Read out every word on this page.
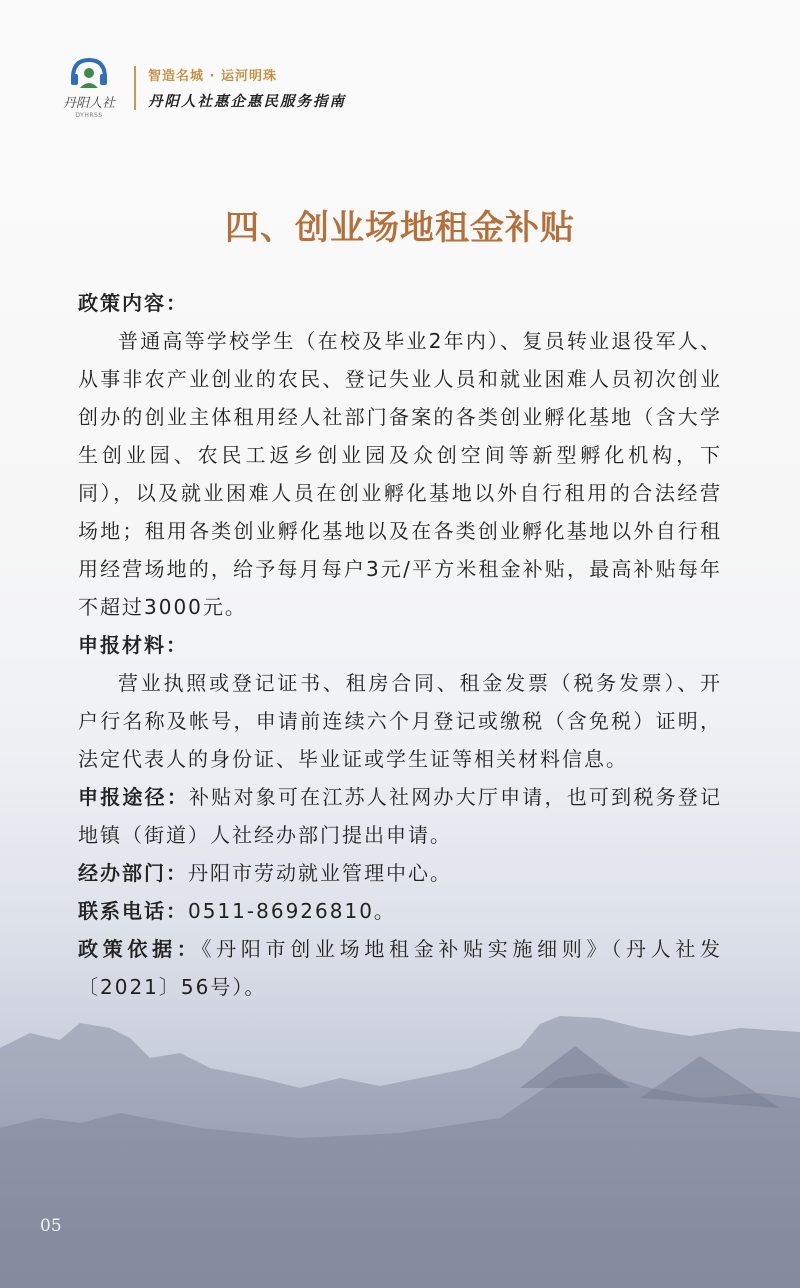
丹阳人社
DYHRSS
智造名城 · 运河明珠
丹阳人社惠企惠民服务指南
四、创业场地租金补贴

政策内容：

普通高等学校学生（在校及毕业2年内）、复员转业退役军人、从事非农产业创业的农民、登记失业人员和就业困难人员初次创业创办的创业主体租用经人社部门备案的各类创业孵化基地（含大学生创业园、农民工返乡创业园及众创空间等新型孵化机构，下同），以及就业困难人员在创业孵化基地以外自行租用的合法经营场地；租用各类创业孵化基地以及在各类创业孵化基地以外自行租用经营场地的，给予每月每户3元/平方米租金补贴，最高补贴每年不超过3000元。

申报材料：

营业执照或登记证书、租房合同、租金发票（税务发票）、开户行名称及帐号，申请前连续六个月登记或缴税（含免税）证明，法定代表人的身份证、毕业证或学生证等相关材料信息。

申报途径：补贴对象可在江苏人社网办大厅申请，也可到税务登记地镇（街道）人社经办部门提出申请。

经办部门：丹阳市劳动就业管理中心。

联系电话：0511-86926810。

政策依据：《丹阳市创业场地租金补贴实施细则》（丹人社发〔2021〕56号）。

05
